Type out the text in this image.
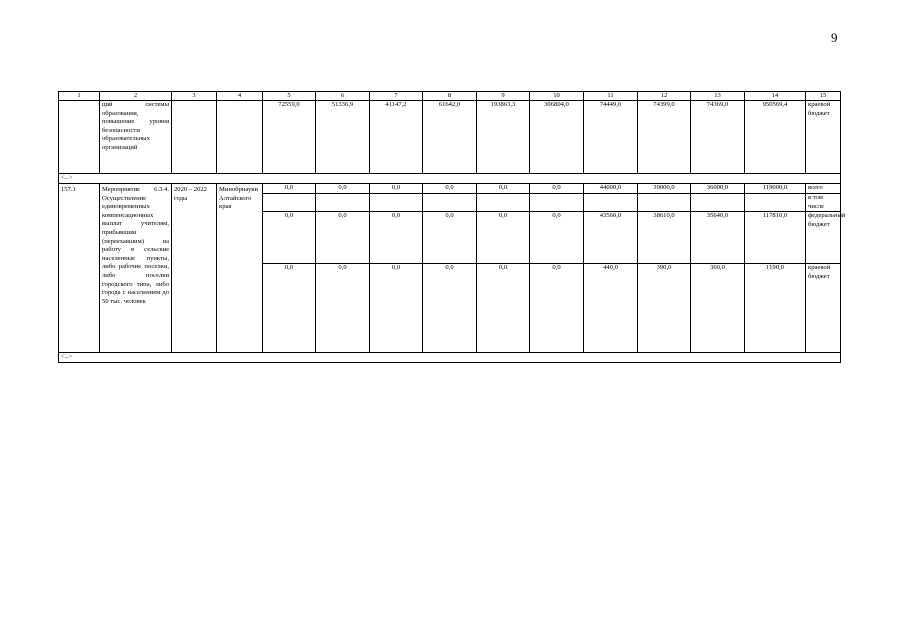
9
1	2	3	4	5	6	7	8	9	10	11	12	13	14	15
	ций системы образования, повышение уровня безопасности образовательных организаций			72559,0	51336,9	41147,2	61642,0	193863,3	306804,0	74449,0	74399,0	74369,0	950569,4	краевой бюджет
<...>														
157.1	Мероприятие 6.3.4. Осуществление единовременных компенсационных выплат учителям, прибывшим (переехавшим) на работу в сельские населенные пункты, либо рабочие поселки, либо поселки городского типа, либо города с населением до 50 тыс. человек	2020 – 2022 годы	Минобрнауки Алтайского края	0,0	0,0	0,0	0,0	0,0	0,0	44000,0	39000,0	36000,0	119000,0	всего
														в том числе
				0,0	0,0	0,0	0,0	0,0	0,0	43560,0	38610,0	35640,0	117810,0	федеральный бюджет
				0,0	0,0	0,0	0,0	0,0	0,0	440,0	390,0	360,0	1190,0	краевой бюджет
<...>														
